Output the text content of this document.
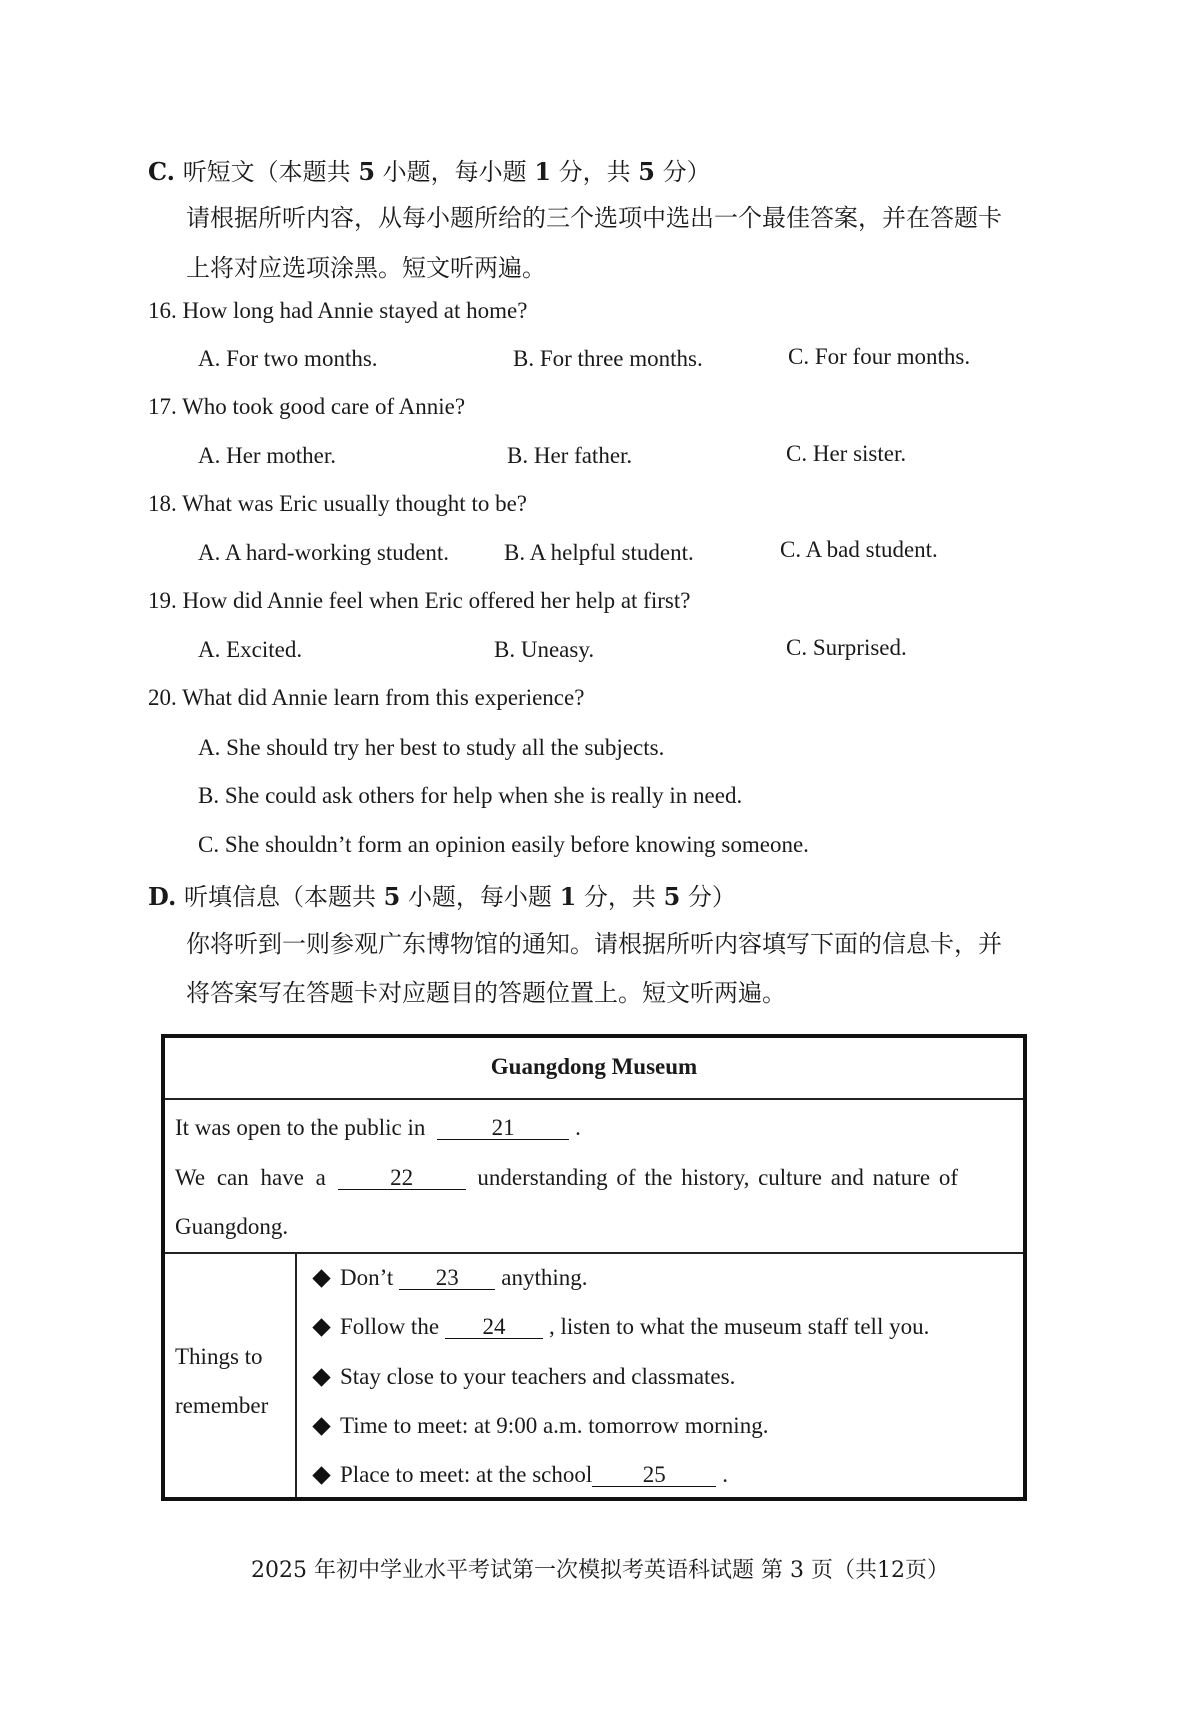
C. 听短文（本题共 5 小题，每小题 1 分，共 5 分）
请根据所听内容，从每小题所给的三个选项中选出一个最佳答案，并在答题卡
上将对应选项涂黑。短文听两遍。
16. How long had Annie stayed at home?
A. For two months.	B. For three months.	C. For four months.
17. Who took good care of Annie?
A. Her mother.	B. Her father.	C. Her sister.
18. What was Eric usually thought to be?
A. A hard-working student. B. A helpful student.	C. A bad student.
19. How did Annie feel when Eric offered her help at first?
A. Excited.	B. Uneasy.	C. Surprised.
20. What did Annie learn from this experience?
A. She should try her best to study all the subjects.
B. She could ask others for help when she is really in need.
C. She shouldn’t form an opinion easily before knowing someone.
D. 听填信息（本题共 5 小题，每小题 1 分，共 5 分）
你将听到一则参观广东博物馆的通知。请根据所听内容填写下面的信息卡，并
将答案写在答题卡对应题目的答题位置上。短文听两遍。
Guangdong Museum
It was open to the public in	21	.
We can have a	22	understanding of the history, culture and nature of
Guangdong.
Things to
remember
Don’t 23 anything.
Follow the 24 , listen to what the museum staff tell you.
Stay close to your teachers and classmates.
Time to meet: at 9:00 a.m. tomorrow morning.
Place to meet: at the school 25 .
2025 年初中学业水平考试第一次模拟考英语科试题 第 3 页（共12页）
